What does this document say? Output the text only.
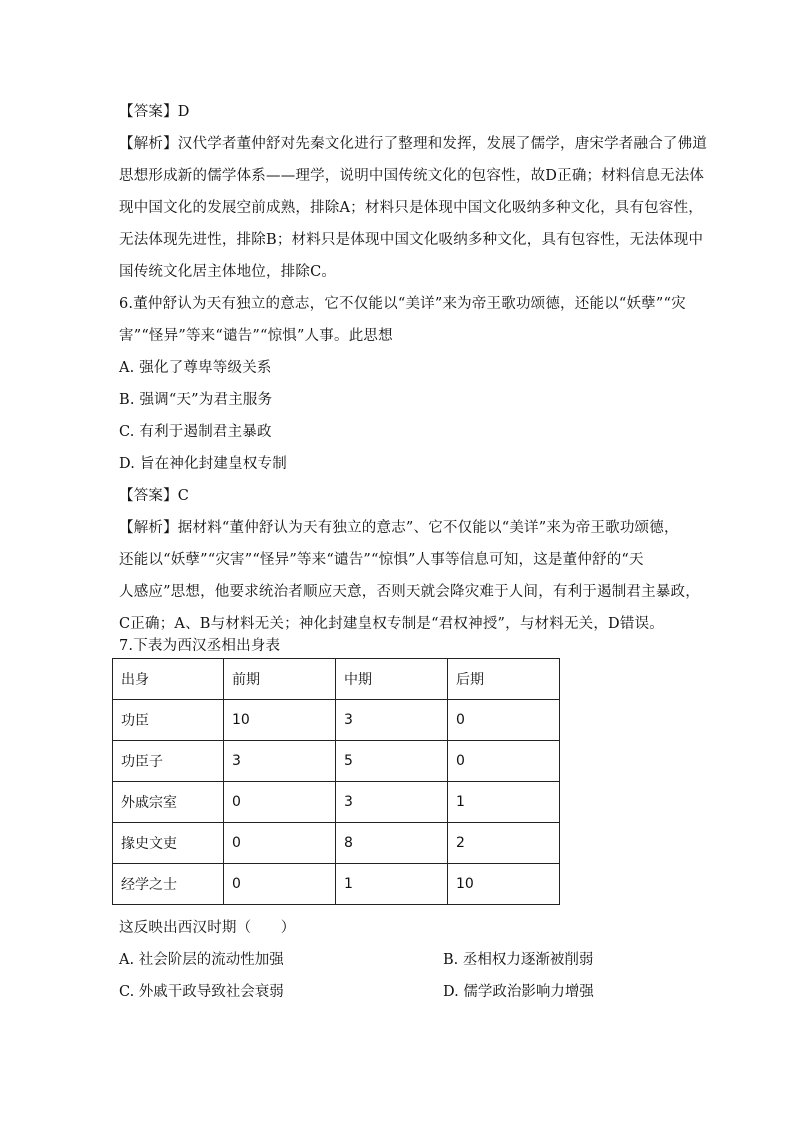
【答案】D
【解析】汉代学者董仲舒对先秦文化进行了整理和发挥，发展了儒学，唐宋学者融合了佛道
思想形成新的儒学体系——理学，说明中国传统文化的包容性，故D正确；材料信息无法体
现中国文化的发展空前成熟，排除A；材料只是体现中国文化吸纳多种文化，具有包容性，
无法体现先进性，排除B；材料只是体现中国文化吸纳多种文化，具有包容性，无法体现中
国传统文化居主体地位，排除C。
6.董仲舒认为天有独立的意志，它不仅能以“美详”来为帝王歌功颂德，还能以“妖孽”“灾
害”“怪异”等来“谴告”“惊惧”人事。此思想
A. 强化了尊卑等级关系
B. 强调“天”为君主服务
C. 有利于遏制君主暴政
D. 旨在神化封建皇权专制
【答案】C
【解析】据材料“董仲舒认为天有独立的意志”、它不仅能以“美详”来为帝王歌功颂德，
还能以“妖孽”“灾害”“怪异”等来“谴告”“惊惧”人事等信息可知，这是董仲舒的“天
人感应”思想，他要求统治者顺应天意，否则天就会降灾难于人间，有利于遏制君主暴政，
C正确；A、B与材料无关；神化封建皇权专制是“君权神授”，与材料无关，D错误。
7.下表为西汉丞相出身表
出身	前期	中期	后期
功臣	10	3	0
功臣子	3	5	0
外戚宗室	0	3	1
掾史文吏	0	8	2
经学之士	0	1	10
这反映出西汉时期（　　）
A. 社会阶层的流动性加强	B. 丞相权力逐渐被削弱
C. 外戚干政导致社会衰弱	D. 儒学政治影响力增强
